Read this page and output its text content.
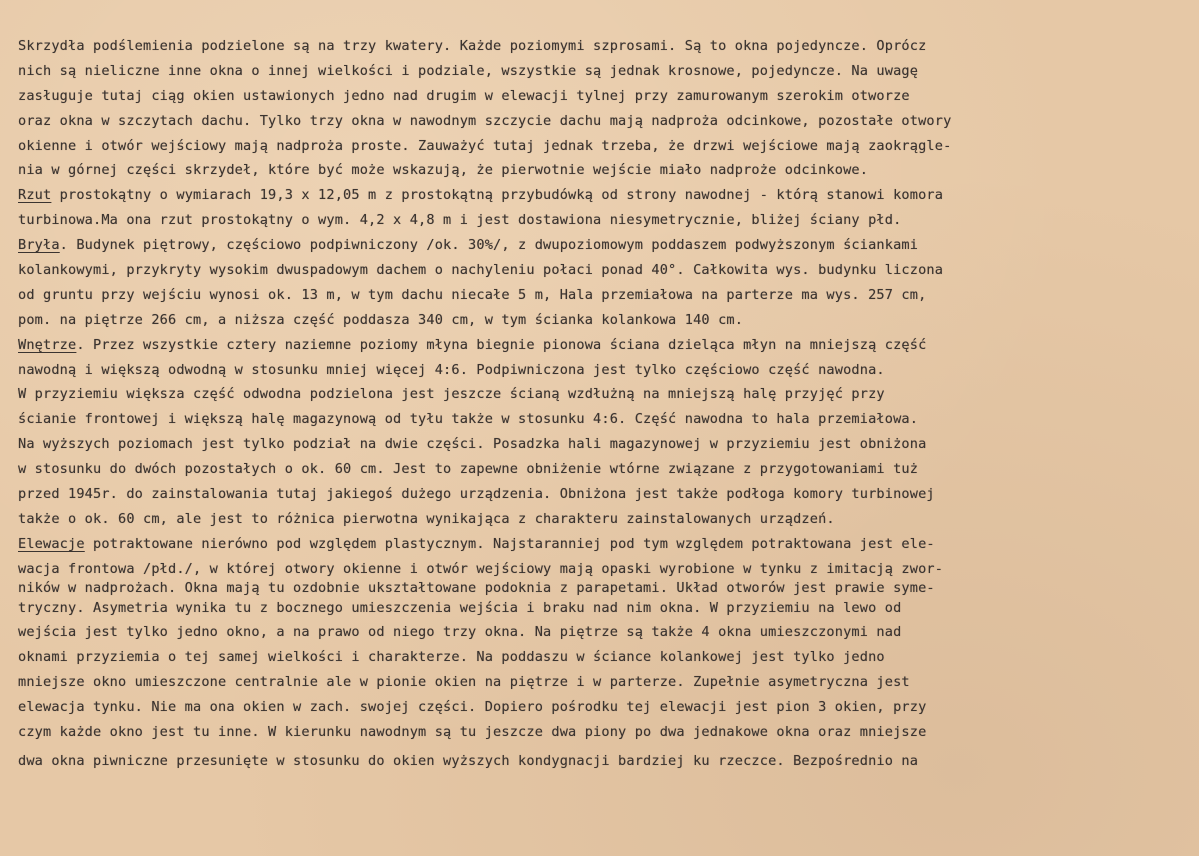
Skrzydła podślemienia podzielone są na trzy kwatery. Każde poziomymi szprosami. Są to okna pojedyncze. Oprócz
nich są nieliczne inne okna o innej wielkości i podziale, wszystkie są jednak krosnowe, pojedyncze. Na uwagę
zasługuje tutaj ciąg okien ustawionych jedno nad drugim w elewacji tylnej przy zamurowanym szerokim otworze
oraz okna w szczytach dachu. Tylko trzy okna w nawodnym szczycie dachu mają nadproża odcinkowe, pozostałe otwory
okienne i otwór wejściowy mają nadproża proste. Zauważyć tutaj jednak trzeba, że drzwi wejściowe mają zaokrągle-
nia w górnej części skrzydeł, które być może wskazują, że pierwotnie wejście miało nadproże odcinkowe.
Rzut prostokątny o wymiarach 19,3 x 12,05 m z prostokątną przybudówką od strony nawodnej - którą stanowi komora
turbinowa.Ma ona rzut prostokątny o wym. 4,2 x 4,8 m i jest dostawiona niesymetrycznie, bliżej ściany płd.
Bryła. Budynek piętrowy, częściowo podpiwniczony /ok. 30%/, z dwupoziomowym poddaszem podwyższonym ściankami
kolankowymi, przykryty wysokim dwuspadowym dachem o nachyleniu połaci ponad 40°. Całkowita wys. budynku liczona
od gruntu przy wejściu wynosi ok. 13 m, w tym dachu niecałe 5 m, Hala przemiałowa na parterze ma wys. 257 cm,
pom. na piętrze 266 cm, a niższa część poddasza 340 cm, w tym ścianka kolankowa 140 cm.
Wnętrze. Przez wszystkie cztery naziemne poziomy młyna biegnie pionowa ściana dzieląca młyn na mniejszą część
nawodną i większą odwodną w stosunku mniej więcej 4:6. Podpiwniczona jest tylko częściowo część nawodna.
W przyziemiu większa część odwodna podzielona jest jeszcze ścianą wzdłużną na mniejszą halę przyjęć przy
ścianie frontowej i większą halę magazynową od tyłu także w stosunku 4:6. Część nawodna to hala przemiałowa.
Na wyższych poziomach jest tylko podział na dwie części. Posadzka hali magazynowej w przyziemiu jest obniżona
w stosunku do dwóch pozostałych o ok. 60 cm. Jest to zapewne obniżenie wtórne związane z przygotowaniami tuż
przed 1945r. do zainstalowania tutaj jakiegoś dużego urządzenia. Obniżona jest także podłoga komory turbinowej
także o ok. 60 cm, ale jest to różnica pierwotna wynikająca z charakteru zainstalowanych urządzeń.
Elewacje potraktowane nierówno pod względem plastycznym. Najstaranniej pod tym względem potraktowana jest ele-
wacja frontowa /płd./, w której otwory okienne i otwór wejściowy mają opaski wyrobione w tynku z imitacją zwor-
ników w nadprożach. Okna mają tu ozdobnie ukształtowane podoknia z parapetami. Układ otworów jest prawie syme-
tryczny. Asymetria wynika tu z bocznego umieszczenia wejścia i braku nad nim okna. W przyziemiu na lewo od
wejścia jest tylko jedno okno, a na prawo od niego trzy okna. Na piętrze są także 4 okna umieszczonymi nad
oknami przyziemia o tej samej wielkości i charakterze. Na poddaszu w ściance kolankowej jest tylko jedno
mniejsze okno umieszczone centralnie ale w pionie okien na piętrze i w parterze. Zupełnie asymetryczna jest
elewacja tynku. Nie ma ona okien w zach. swojej części. Dopiero pośrodku tej elewacji jest pion 3 okien, przy
czym każde okno jest tu inne. W kierunku nawodnym są tu jeszcze dwa piony po dwa jednakowe okna oraz mniejsze
dwa okna piwniczne przesunięte w stosunku do okien wyższych kondygnacji bardziej ku rzeczce. Bezpośrednio na
